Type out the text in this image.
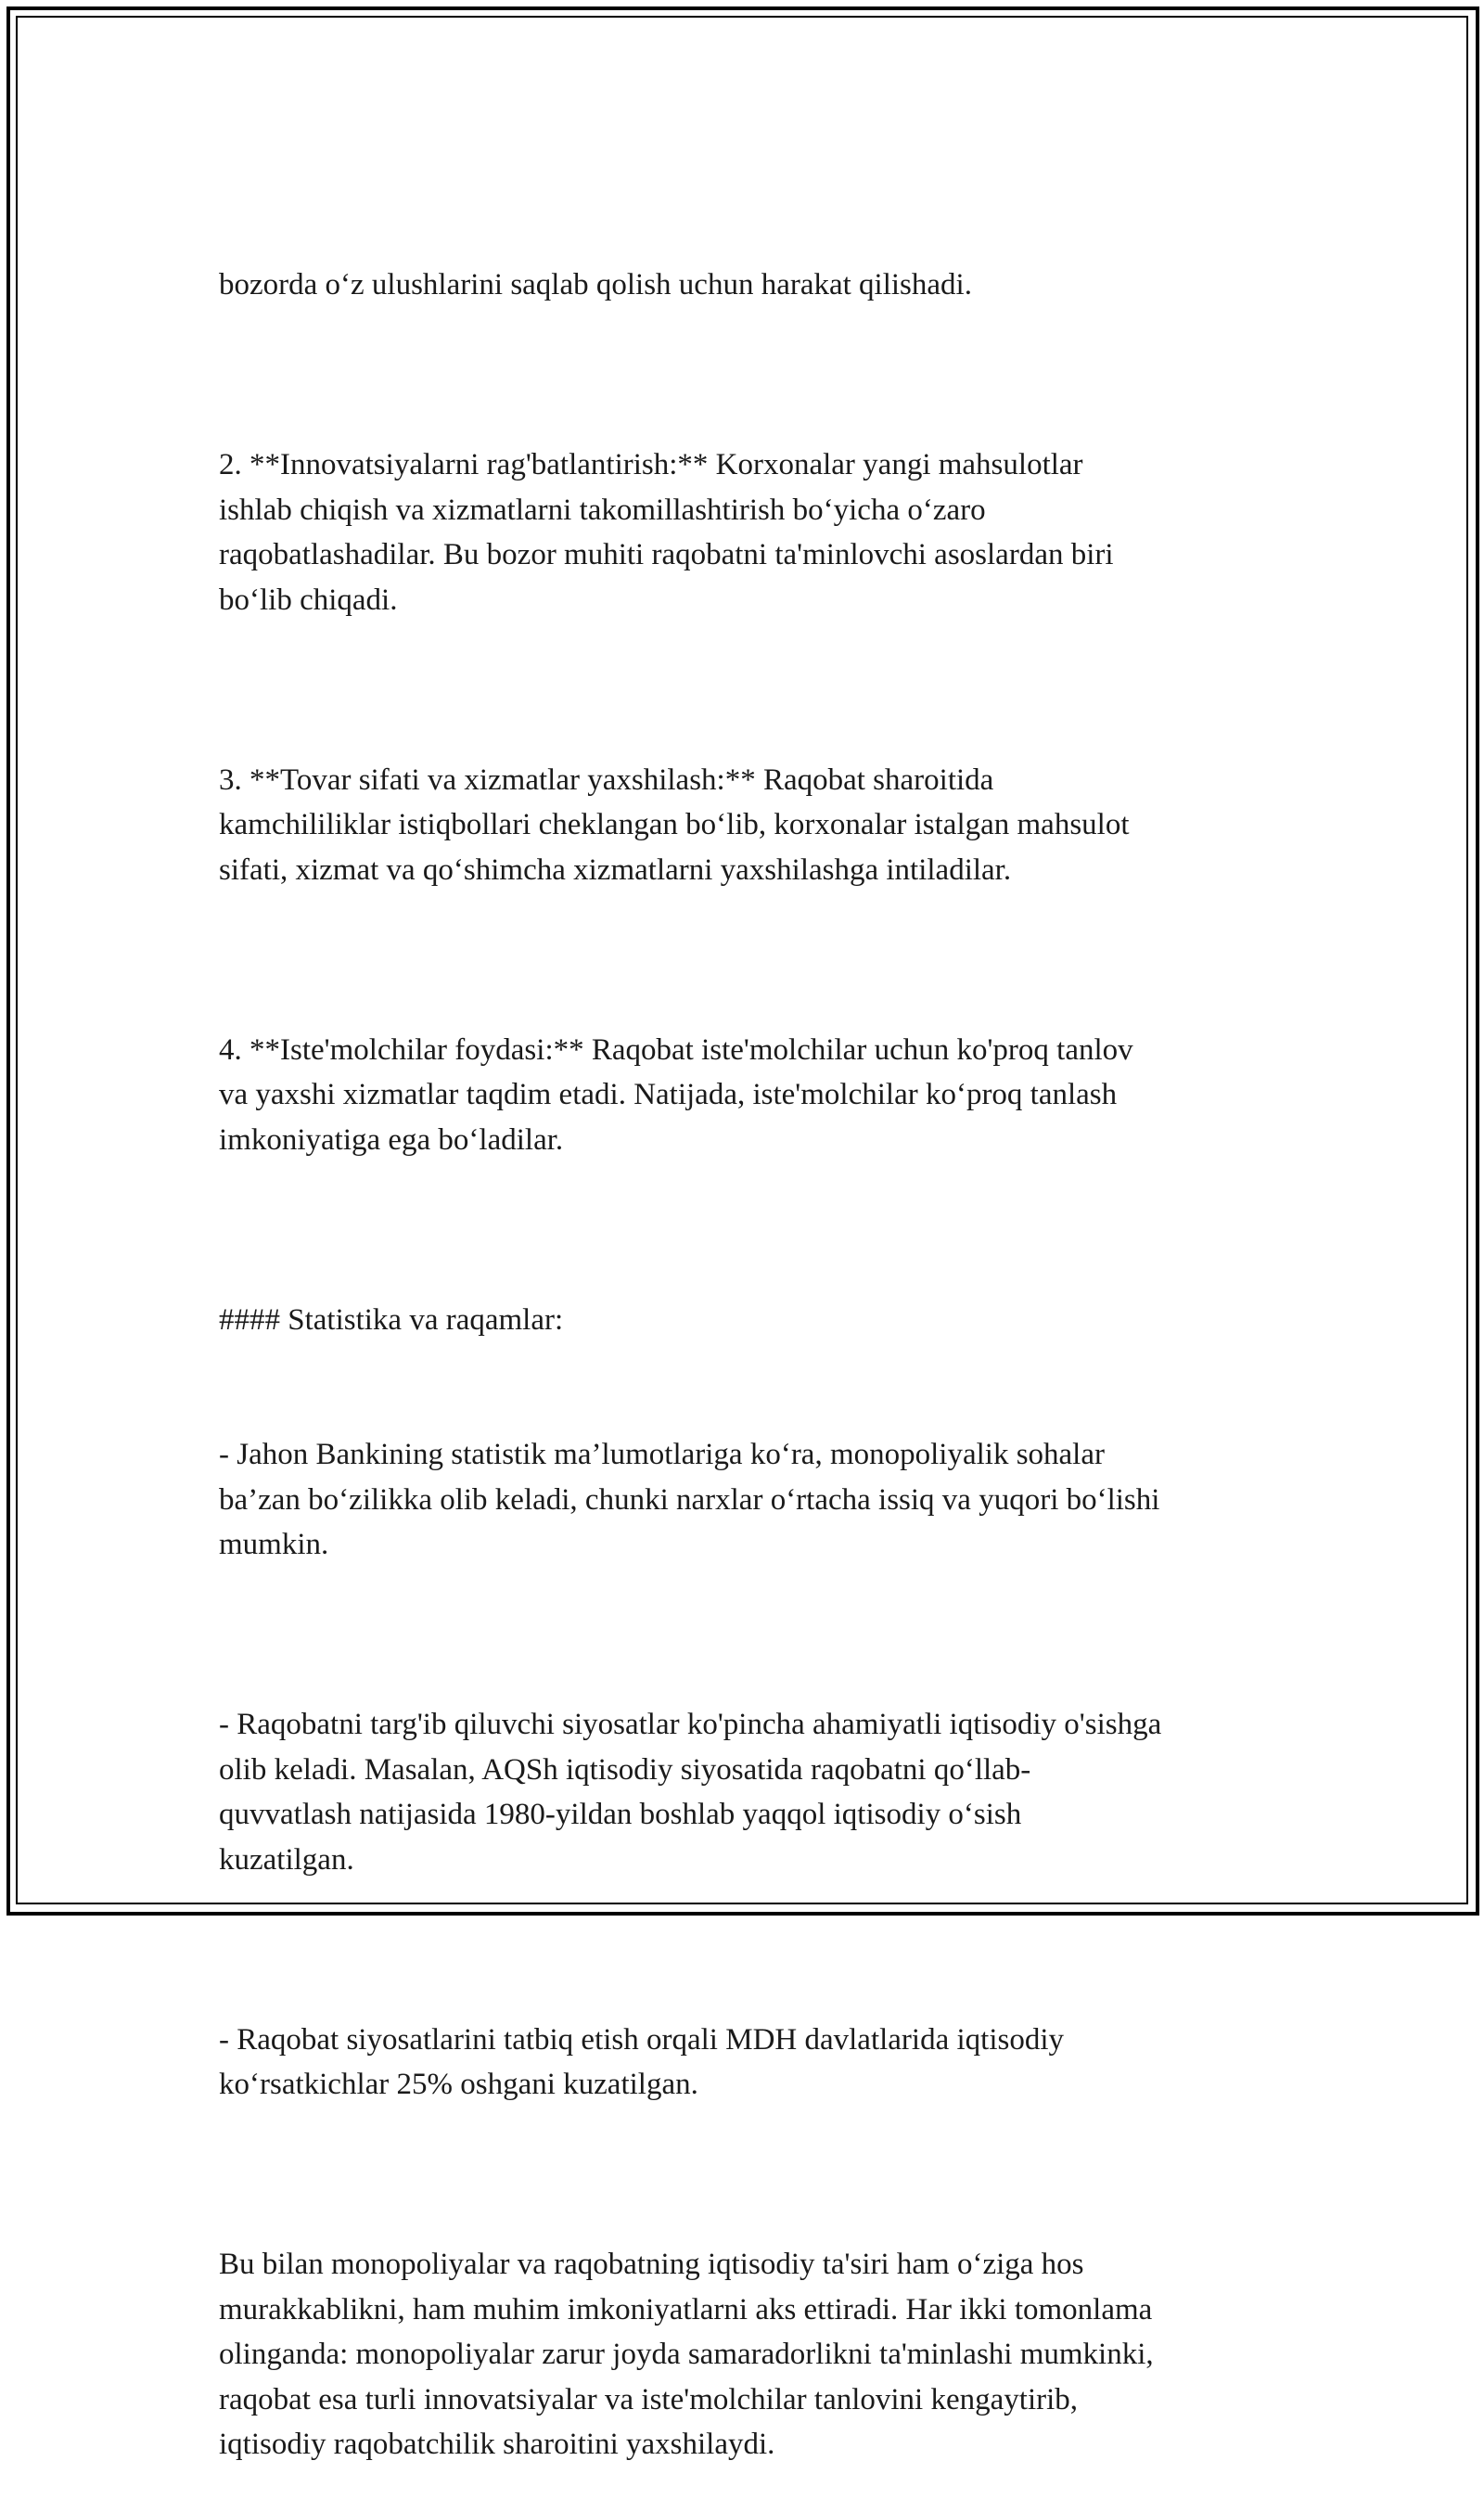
bozorda o‘z ulushlarini saqlab qolish uchun harakat qilishadi.

2. **Innovatsiyalarni rag'batlantirish:** Korxonalar yangi mahsulotlar
ishlab chiqish va xizmatlarni takomillashtirish bo‘yicha o‘zaro
raqobatlashadilar. Bu bozor muhiti raqobatni ta'minlovchi asoslardan biri
bo‘lib chiqadi.

3. **Tovar sifati va xizmatlar yaxshilash:** Raqobat sharoitida
kamchililiklar istiqbollari cheklangan bo‘lib, korxonalar istalgan mahsulot
sifati, xizmat va qo‘shimcha xizmatlarni yaxshilashga intiladilar.

4. **Iste'molchilar foydasi:** Raqobat iste'molchilar uchun ko'proq tanlov
va yaxshi xizmatlar taqdim etadi. Natijada, iste'molchilar ko‘proq tanlash
imkoniyatiga ega bo‘ladilar.

#### Statistika va raqamlar:

- Jahon Bankining statistik ma’lumotlariga ko‘ra, monopoliyalik sohalar
ba’zan bo‘zilikka olib keladi, chunki narxlar o‘rtacha issiq va yuqori bo‘lishi
mumkin.

- Raqobatni targ'ib qiluvchi siyosatlar ko'pincha ahamiyatli iqtisodiy o'sishga
olib keladi. Masalan, AQSh iqtisodiy siyosatida raqobatni qo‘llab-
quvvatlash natijasida 1980-yildan boshlab yaqqol iqtisodiy o‘sish
kuzatilgan.

- Raqobat siyosatlarini tatbiq etish orqali MDH davlatlarida iqtisodiy
ko‘rsatkichlar 25% oshgani kuzatilgan.

Bu bilan monopoliyalar va raqobatning iqtisodiy ta'siri ham o‘ziga hos
murakkablikni, ham muhim imkoniyatlarni aks ettiradi. Har ikki tomonlama
olinganda: monopoliyalar zarur joyda samaradorlikni ta'minlashi mumkinki,
raqobat esa turli innovatsiyalar va iste'molchilar tanlovini kengaytirib,
iqtisodiy raqobatchilik sharoitini yaxshilaydi.
